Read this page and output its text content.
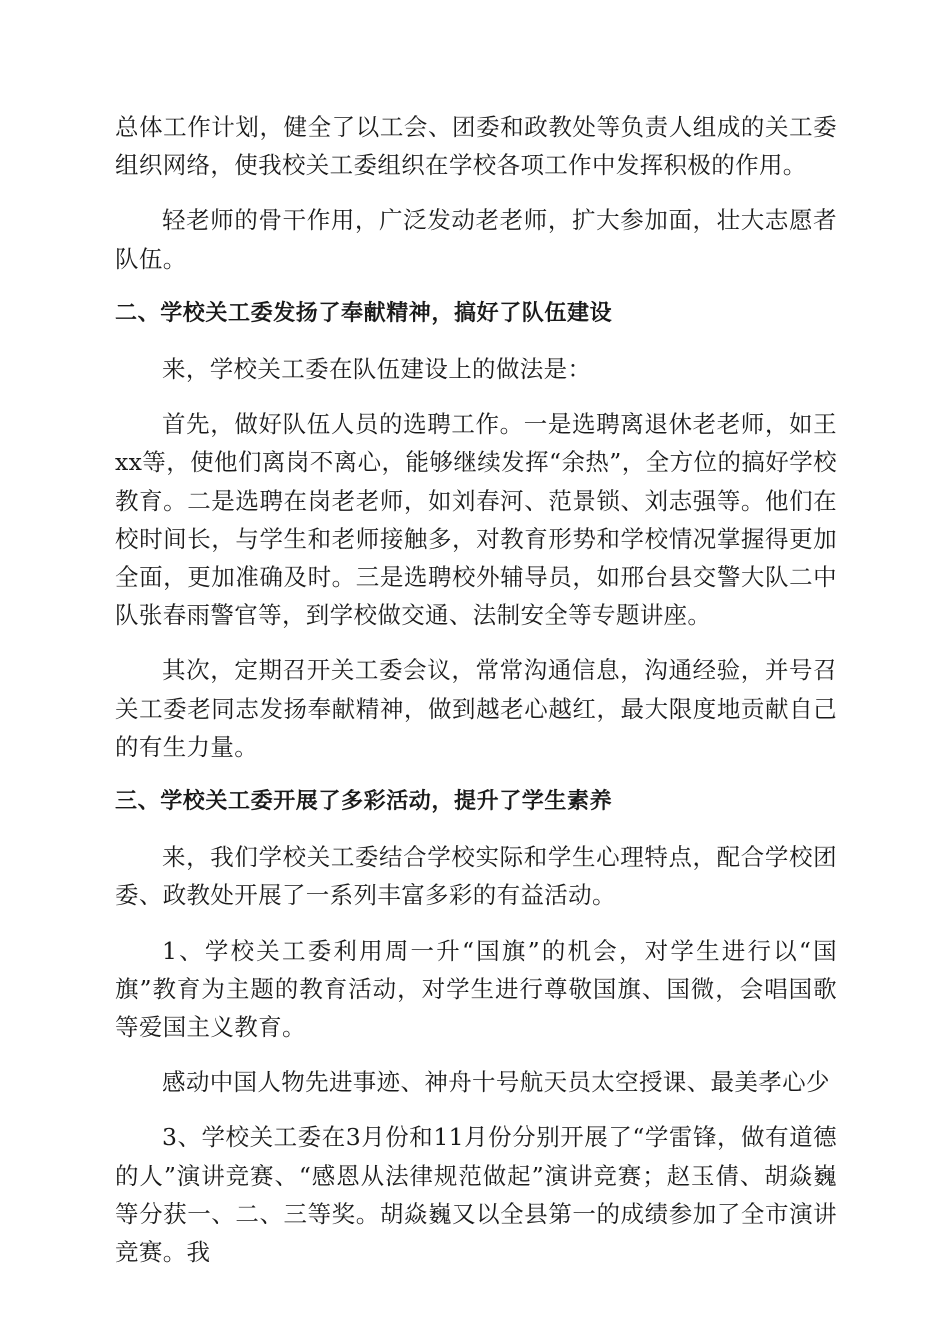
总体工作计划，健全了以工会、团委和政教处等负责人组成的关工委组织网络，使我校关工委组织在学校各项工作中发挥积极的作用。

轻老师的骨干作用，广泛发动老老师，扩大参加面，壮大志愿者队伍。

二、学校关工委发扬了奉献精神，搞好了队伍建设

来，学校关工委在队伍建设上的做法是：

首先，做好队伍人员的选聘工作。一是选聘离退休老老师，如王xx等，使他们离岗不离心，能够继续发挥“余热”，全方位的搞好学校教育。二是选聘在岗老老师，如刘春河、范景锁、刘志强等。他们在校时间长，与学生和老师接触多，对教育形势和学校情况掌握得更加全面，更加准确及时。三是选聘校外辅导员，如邢台县交警大队二中队张春雨警官等，到学校做交通、法制安全等专题讲座。

其次，定期召开关工委会议，常常沟通信息，沟通经验，并号召关工委老同志发扬奉献精神，做到越老心越红，最大限度地贡献自己的有生力量。

三、学校关工委开展了多彩活动，提升了学生素养

来，我们学校关工委结合学校实际和学生心理特点，配合学校团委、政教处开展了一系列丰富多彩的有益活动。

1、学校关工委利用周一升“国旗”的机会，对学生进行以“国旗”教育为主题的教育活动，对学生进行尊敬国旗、国微，会唱国歌等爱国主义教育。

感动中国人物先进事迹、神舟十号航天员太空授课、最美孝心少

3、学校关工委在3月份和11月份分别开展了“学雷锋，做有道德的人”演讲竞赛、“感恩从法律规范做起”演讲竞赛；赵玉倩、胡焱巍等分获一、二、三等奖。胡焱巍又以全县第一的成绩参加了全市演讲竞赛。我
